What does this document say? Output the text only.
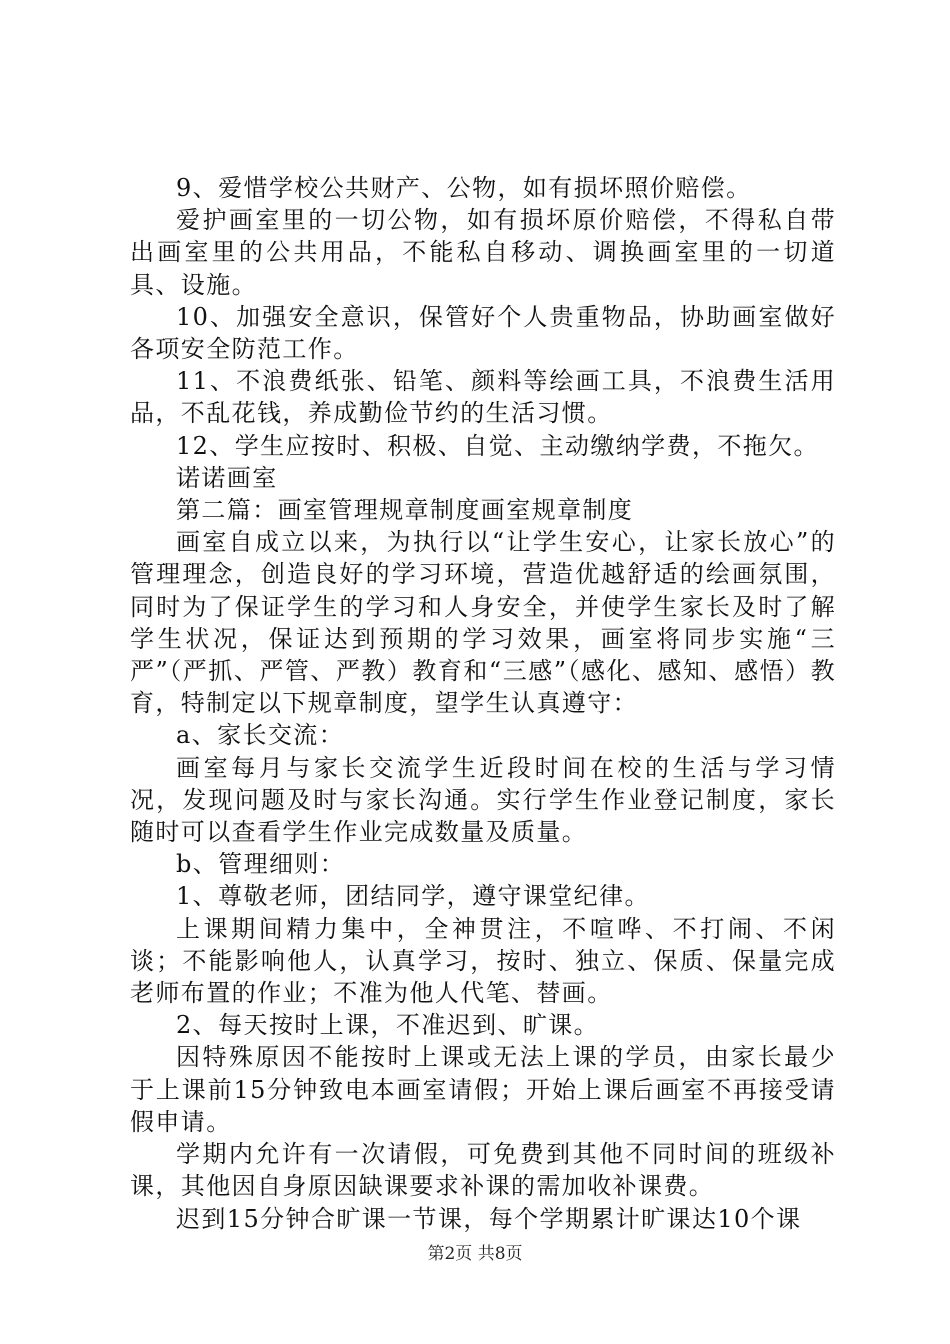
9、爱惜学校公共财产、公物，如有损坏照价赔偿。

爱护画室里的一切公物，如有损坏原价赔偿，不得私自带出画室里的公共用品，不能私自移动、调换画室里的一切道具、设施。

10、加强安全意识，保管好个人贵重物品，协助画室做好各项安全防范工作。

11、不浪费纸张、铅笔、颜料等绘画工具，不浪费生活用品，不乱花钱，养成勤俭节约的生活习惯。

12、学生应按时、积极、自觉、主动缴纳学费，不拖欠。

诺诺画室

第二篇：画室管理规章制度画室规章制度

画室自成立以来，为执行以“让学生安心，让家长放心”的管理理念，创造良好的学习环境，营造优越舒适的绘画氛围，同时为了保证学生的学习和人身安全，并使学生家长及时了解学生状况，保证达到预期的学习效果，画室将同步实施“三严”（严抓、严管、严教）教育和“三感”（感化、感知、感悟）教育，特制定以下规章制度，望学生认真遵守：

a、家长交流：

画室每月与家长交流学生近段时间在校的生活与学习情况，发现问题及时与家长沟通。实行学生作业登记制度，家长随时可以查看学生作业完成数量及质量。

b、管理细则：

1、尊敬老师，团结同学，遵守课堂纪律。

上课期间精力集中，全神贯注，不喧哗、不打闹、不闲谈；不能影响他人，认真学习，按时、独立、保质、保量完成老师布置的作业；不准为他人代笔、替画。

2、每天按时上课，不准迟到、旷课。

因特殊原因不能按时上课或无法上课的学员，由家长最少于上课前15分钟致电本画室请假；开始上课后画室不再接受请假申请。

学期内允许有一次请假，可免费到其他不同时间的班级补课，其他因自身原因缺课要求补课的需加收补课费。

迟到15分钟合旷课一节课，每个学期累计旷课达10个课

第2页 共8页
